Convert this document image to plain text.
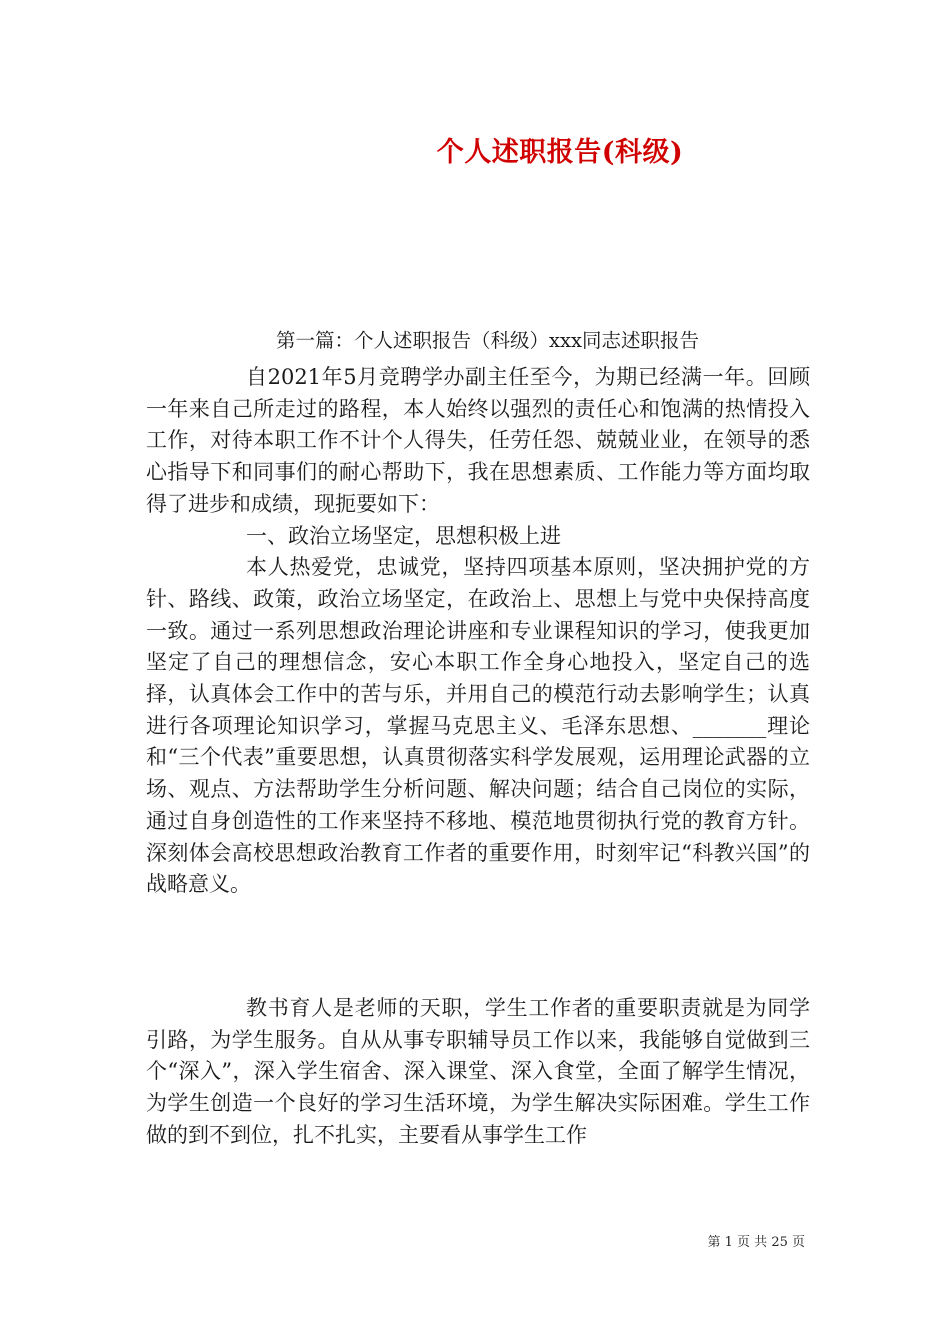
个人述职报告(科级)
第一篇：个人述职报告（科级）xxx同志述职报告

自2021年5月竞聘学办副主任至今，为期已经满一年。回顾一年来自己所走过的路程，本人始终以强烈的责任心和饱满的热情投入工作，对待本职工作不计个人得失，任劳任怨、兢兢业业，在领导的悉心指导下和同事们的耐心帮助下，我在思想素质、工作能力等方面均取得了进步和成绩，现扼要如下：

一、政治立场坚定，思想积极上进

本人热爱党，忠诚党，坚持四项基本原则，坚决拥护党的方针、路线、政策，政治立场坚定，在政治上、思想上与党中央保持高度一致。通过一系列思想政治理论讲座和专业课程知识的学习，使我更加坚定了自己的理想信念，安心本职工作全身心地投入，坚定自己的选择，认真体会工作中的苦与乐，并用自己的模范行动去影响学生；认真进行各项理论知识学习，掌握马克思主义、毛泽东思想、_______理论和“三个代表”重要思想，认真贯彻落实科学发展观，运用理论武器的立场、观点、方法帮助学生分析问题、解决问题；结合自己岗位的实际，通过自身创造性的工作来坚持不移地、模范地贯彻执行党的教育方针。深刻体会高校思想政治教育工作者的重要作用，时刻牢记“科教兴国”的战略意义。

教书育人是老师的天职，学生工作者的重要职责就是为同学引路，为学生服务。自从从事专职辅导员工作以来，我能够自觉做到三个“深入”，深入学生宿舍、深入课堂、深入食堂，全面了解学生情况，为学生创造一个良好的学习生活环境，为学生解决实际困难。学生工作做的到不到位，扎不扎实，主要看从事学生工作

第 1 页 共 25 页
